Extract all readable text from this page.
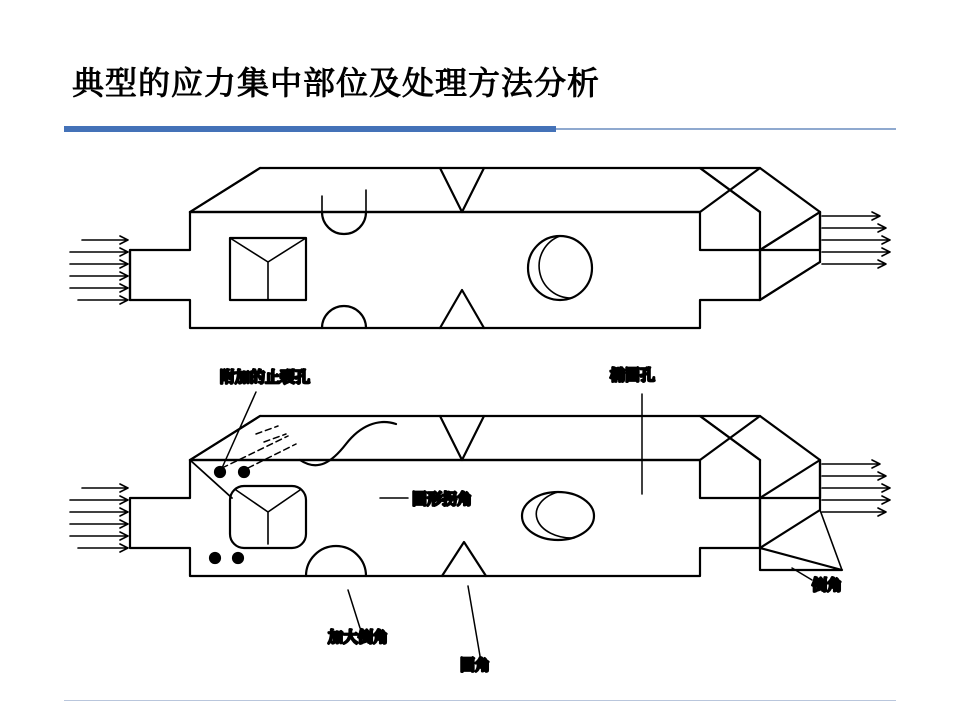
典型的应力集中部位及处理方法分析
附加的止裂孔	椭圆孔
圆形拐角
倒角
加大倒角
圆角
